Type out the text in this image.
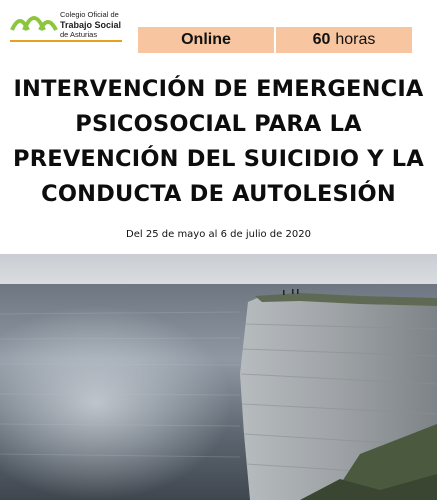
Colegio Oficial de
Trabajo Social
de Asturias	Online	60 horas
INTERVENCIÓN DE EMERGENCIA
PSICOSOCIAL PARA LA
PREVENCIÓN DEL SUICIDIO Y LA
CONDUCTA DE AUTOLESIÓN
Del 25 de mayo al 6 de julio de 2020
